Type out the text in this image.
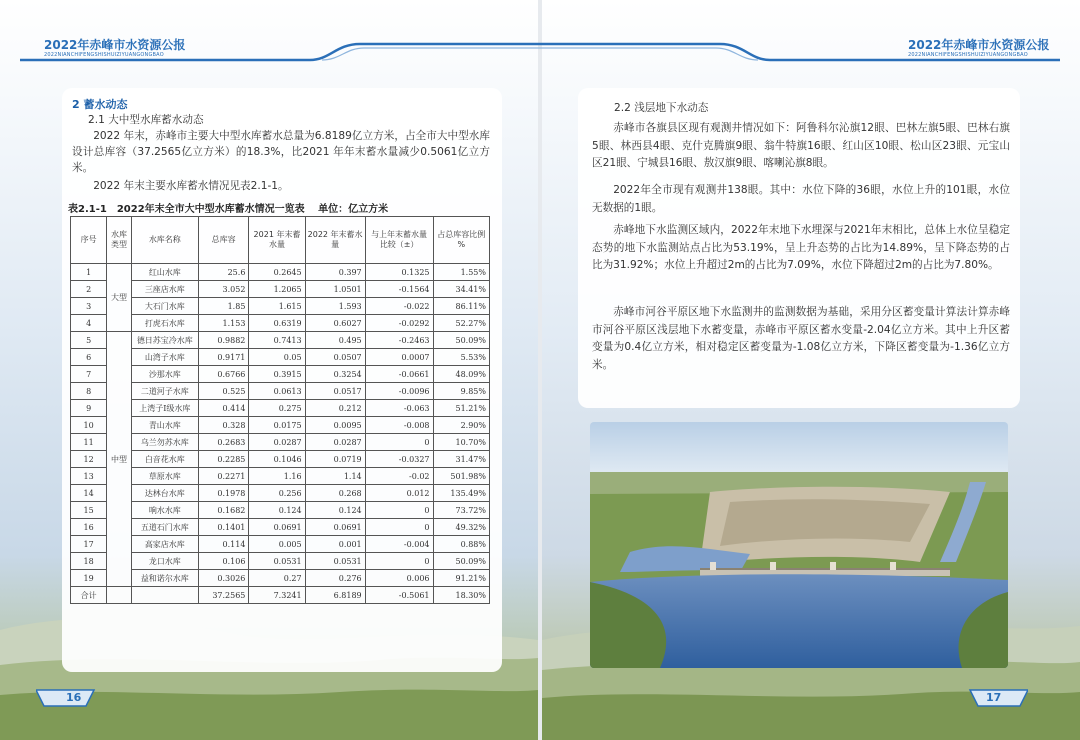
2022年赤峰市水资源公报
2022NIANCHIFENGSHISHUIZIYUANGONGBAO
2022年赤峰市水资源公报
2022NIANCHIFENGSHISHUIZIYUANGONGBAO
2 蓄水动态

2.1 大中型水库蓄水动态

2022 年末，赤峰市主要大中型水库蓄水总量为6.8189亿立方米，占全市大中型水库设计总库容（37.2565亿立方米）的18.3%，比2021 年年末蓄水量减少0.5061亿立方米。

2022 年末主要水库蓄水情况见表2.1-1。

表2.1-1　2022年末全市大中型水库蓄水情况一览表　 单位：亿立方米
序号	水库类型	水库名称	总库容	2021 年末蓄水量	2022 年末蓄水量	与上年末蓄水量比较（±）	占总库容比例 %
1	大型	红山水库	25.6	0.2645	0.397	0.1325	1.55%
2		三座店水库	3.052	1.2065	1.0501	-0.1564	34.41%
3		大石门水库	1.85	1.615	1.593	-0.022	86.11%
4		打虎石水库	1.153	0.6319	0.6027	-0.0292	52.27%
5	中型	德日苏宝冷水库	0.9882	0.7413	0.495	-0.2463	50.09%
6		山湾子水库	0.9171	0.05	0.0507	0.0007	5.53%
7		沙那水库	0.6766	0.3915	0.3254	-0.0661	48.09%
8		二道河子水库	0.525	0.0613	0.0517	-0.0096	9.85%
9		上湾子Ⅰ级水库	0.414	0.275	0.212	-0.063	51.21%
10		青山水库	0.328	0.0175	0.0095	-0.008	2.90%
11		乌兰勿苏水库	0.2683	0.0287	0.0287	0	10.70%
12		白音花水库	0.2285	0.1046	0.0719	-0.0327	31.47%
13		草原水库	0.2271	1.16	1.14	-0.02	501.98%
14		达林台水库	0.1978	0.256	0.268	0.012	135.49%
15		响水水库	0.1682	0.124	0.124	0	73.72%
16		五道石门水库	0.1401	0.0691	0.0691	0	49.32%
17		高家店水库	0.114	0.005	0.001	-0.004	0.88%
18		龙口水库	0.106	0.0531	0.0531	0	50.09%
19		益和诺尔水库	0.3026	0.27	0.276	0.006	91.21%
合计			37.2565	7.3241	6.8189	-0.5061	18.30%
16

2.2 浅层地下水动态

赤峰市各旗县区现有观测井情况如下：阿鲁科尔沁旗12眼、巴林左旗5眼、巴林右旗5眼、林西县4眼、克什克腾旗9眼、翁牛特旗16眼、红山区10眼、松山区23眼、元宝山区21眼、宁城县16眼、敖汉旗9眼、喀喇沁旗8眼。

2022年全市现有观测井138眼。其中：水位下降的36眼，水位上升的101眼，水位无数据的1眼。

赤峰地下水监测区域内，2022年末地下水埋深与2021年末相比，总体上水位呈稳定态势的地下水监测站点占比为53.19%，呈上升态势的占比为14.89%，呈下降态势的占比为31.92%；水位上升超过2m的占比为7.09%，水位下降超过2m的占比为7.80%。

赤峰市河谷平原区地下水监测井的监测数据为基础，采用分区蓄变量计算法计算赤峰市河谷平原区浅层地下水蓄变量，赤峰市平原区蓄水变量-2.04亿立方米。其中上升区蓄变量为0.4亿立方米，相对稳定区蓄变量为-1.08亿立方米，下降区蓄变量为-1.36亿立方米。

17
